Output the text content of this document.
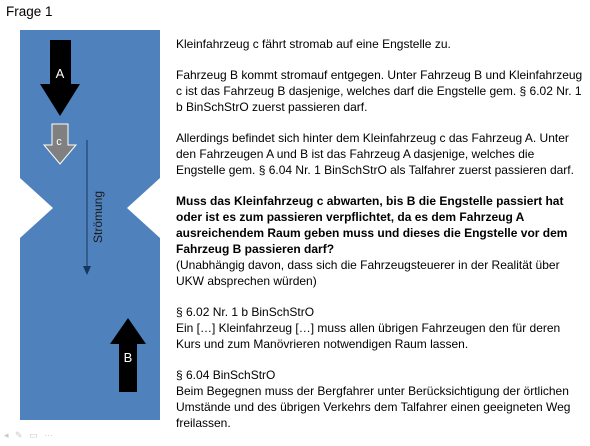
Frage 1
A
c
B
Strömung

Kleinfahrzeug c fährt stromab auf eine Engstelle zu.

Fahrzeug B kommt stromauf entgegen. Unter Fahrzeug B und Kleinfahrzeug c ist das Fahrzeug B dasjenige, welches darf die Engstelle gem. § 6.02 Nr. 1 b BinSchStrO zuerst passieren darf.

Allerdings befindet sich hinter dem Kleinfahrzeug c das Fahrzeug A. Unter den Fahrzeugen A und B ist das Fahrzeug A dasjenige, welches die Engstelle gem. § 6.04 Nr. 1 BinSchStrO als Talfahrer zuerst passieren darf.

Muss das Kleinfahrzeug c abwarten, bis B die Engstelle passiert hat oder ist es zum passieren verpflichtet, da es dem Fahrzeug A ausreichendem Raum geben muss und dieses die Engstelle vor dem Fahrzeug B passieren darf?

(Unabhängig davon, dass sich die Fahrzeugsteuerer in der Realität über UKW absprechen würden)

§ 6.02 Nr. 1 b BinSchStrO

Ein […] Kleinfahrzeug […] muss allen übrigen Fahrzeugen den für deren Kurs und zum Manövrieren notwendigen Raum lassen.

§ 6.04 BinSchStrO

Beim Begegnen muss der Bergfahrer unter Berücksichtigung der örtlichen Umstände und des übrigen Verkehrs dem Talfahrer einen geeigneten Weg freilassen.

◂ ✎ ▭ ⋯
